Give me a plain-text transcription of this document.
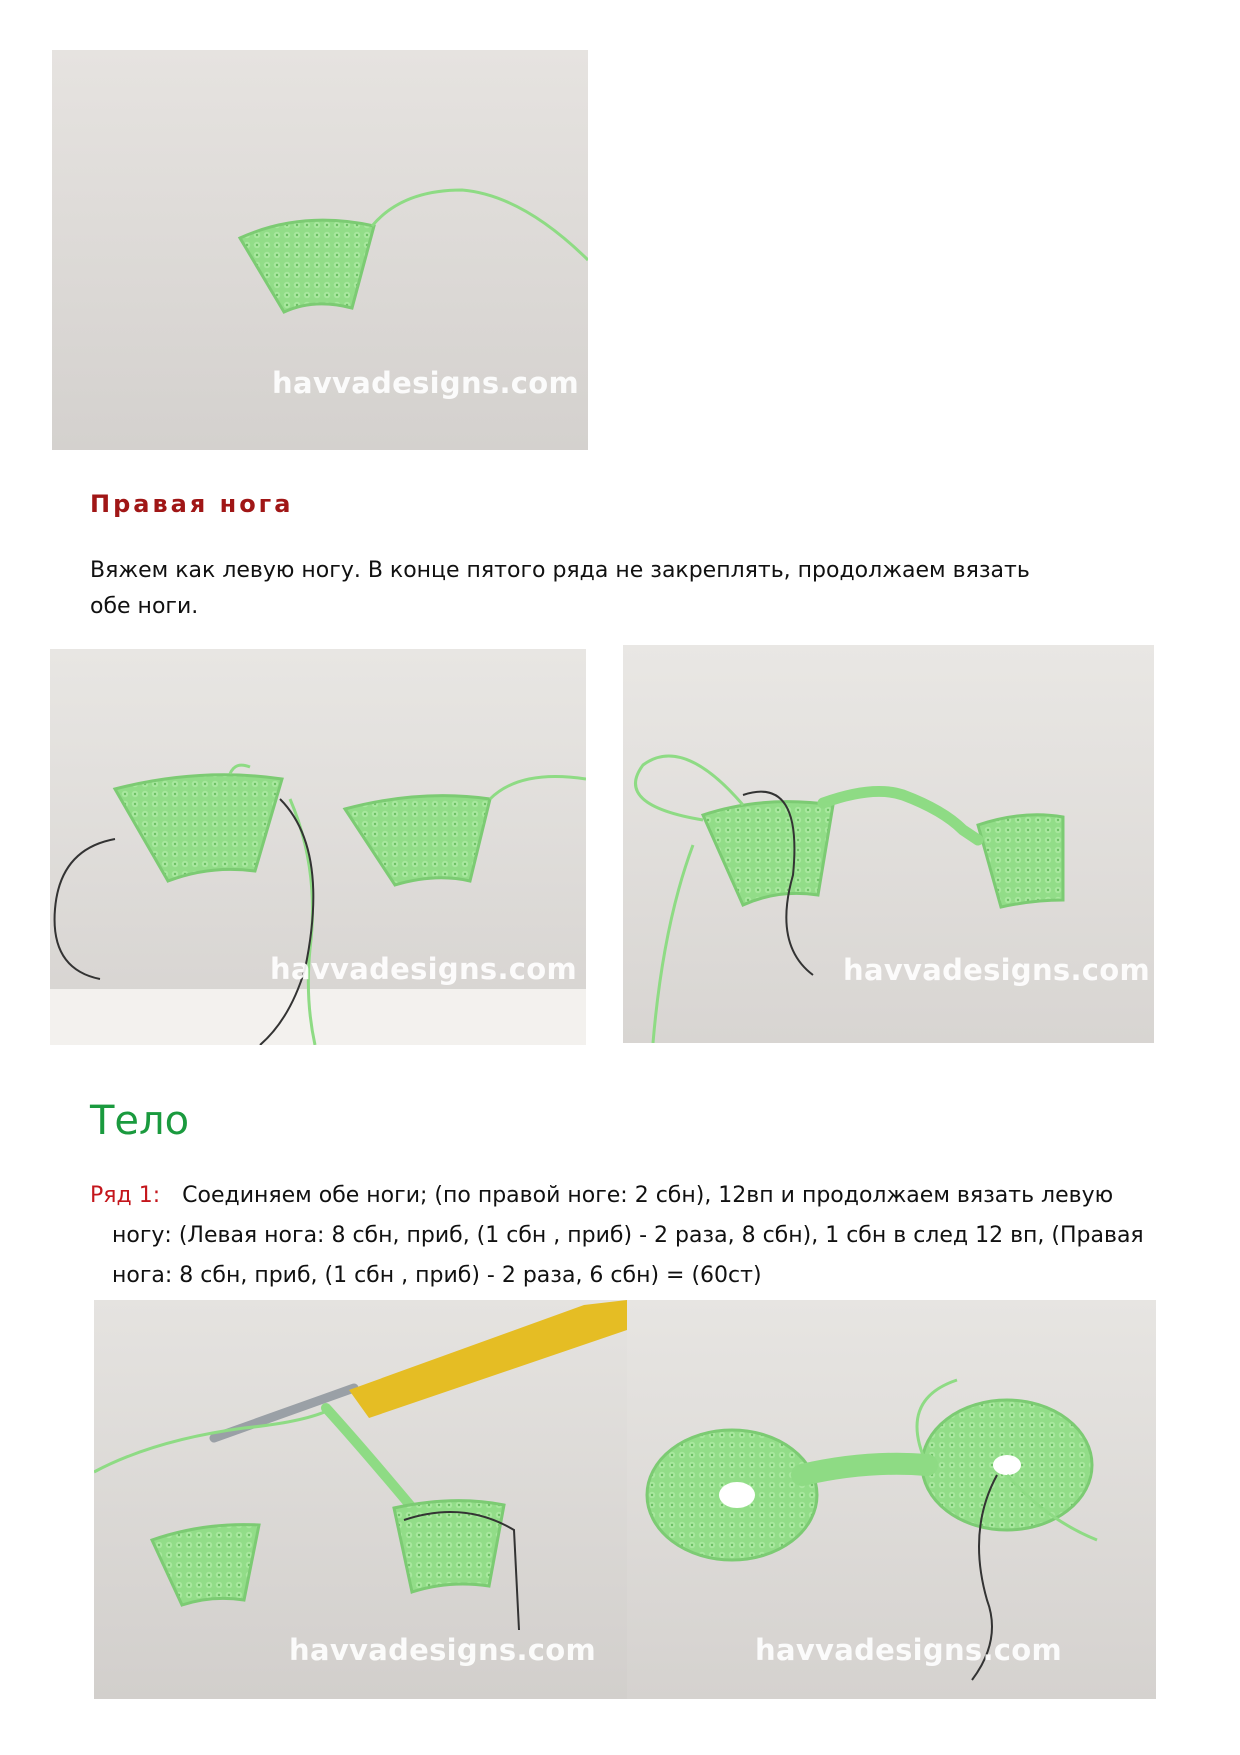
havvadesigns.com
Правая нога

Вяжем как левую ногу. В конце пятого ряда не закреплять, продолжаем вязать
обе ноги.

havvadesigns.com	havvadesigns.com
Тело

Ряд 1: Соединяем обе ноги; (по правой ноге: 2 сбн), 12вп и продолжаем вязать левую
ногу: (Левая нога: 8 сбн, приб, (1 сбн , приб) - 2 раза, 8 сбн), 1 сбн в след 12 вп, (Правая
нога: 8 сбн, приб, (1 сбн , приб) - 2 раза, 6 сбн) = (60ст)

havvadesigns.com	havvadesigns.com
